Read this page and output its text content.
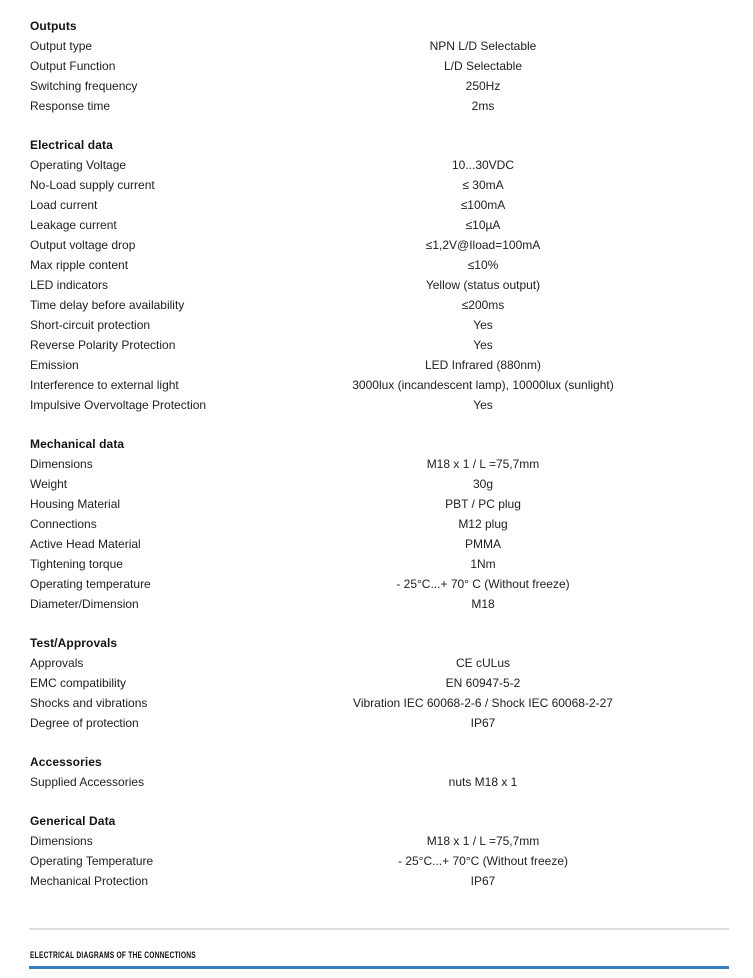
Outputs
Output type	NPN L/D Selectable
Output Function	L/D Selectable
Switching frequency	250Hz
Response time	2ms
Electrical data
Operating Voltage	10...30VDC
No-Load supply current	≤ 30mA
Load current	≤100mA
Leakage current	≤10µA
Output voltage drop	≤1,2V@Iload=100mA
Max ripple content	≤10%
LED indicators	Yellow (status output)
Time delay before availability	≤200ms
Short-circuit protection	Yes
Reverse Polarity Protection	Yes
Emission	LED Infrared (880nm)
Interference to external light	3000lux (incandescent lamp), 10000lux (sunlight)
Impulsive Overvoltage Protection	Yes
Mechanical data
Dimensions	M18 x 1 / L =75,7mm
Weight	30g
Housing Material	PBT / PC plug
Connections	M12 plug
Active Head Material	PMMA
Tightening torque	1Nm
Operating temperature	- 25°C...+ 70° C (Without freeze)
Diameter/Dimension	M18
Test/Approvals
Approvals	CE cULus
EMC compatibility	EN 60947-5-2
Shocks and vibrations	Vibration IEC 60068-2-6 / Shock IEC 60068-2-27
Degree of protection	IP67
Accessories
Supplied Accessories	nuts M18 x 1
Generical Data
Dimensions	M18 x 1 / L =75,7mm
Operating Temperature	- 25°C...+ 70°C (Without freeze)
Mechanical Protection	IP67
ELECTRICAL DIAGRAMS OF THE CONNECTIONS
